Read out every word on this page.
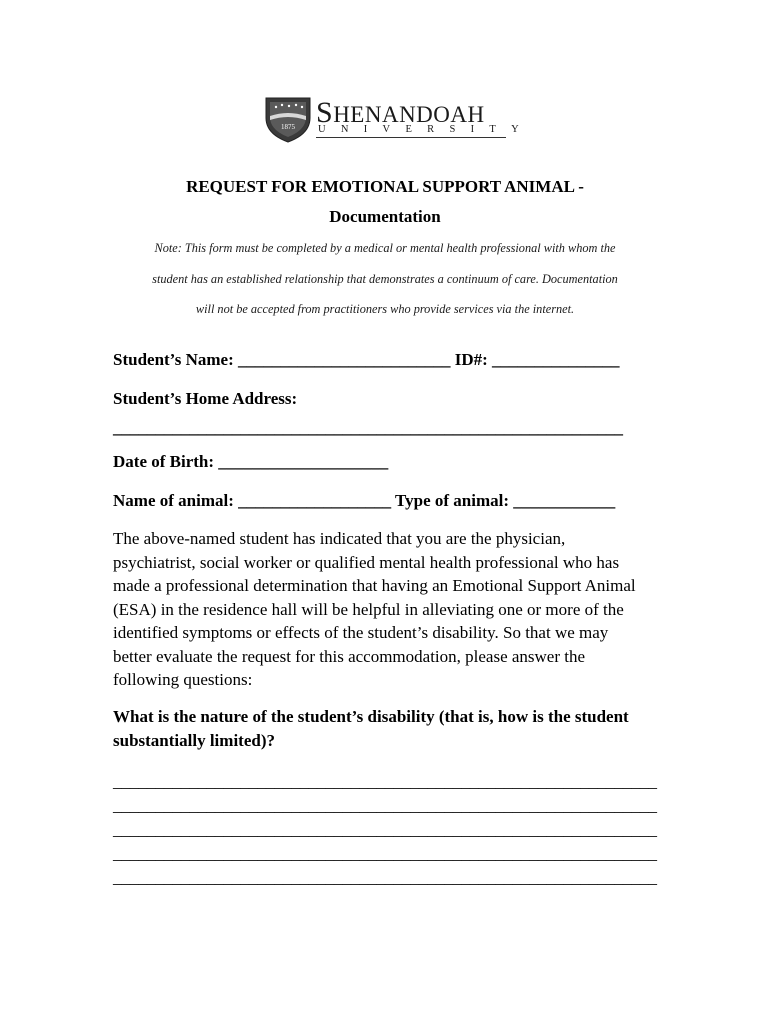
1875 SHENANDOAH
UNIVERSITY
REQUEST FOR EMOTIONAL SUPPORT ANIMAL -
Documentation
Note: This form must be completed by a medical or mental health professional with whom the
student has an established relationship that demonstrates a continuum of care. Documentation
will not be accepted from practitioners who provide services via the internet.
Student’s Name: _________________________ ID#: _______________
Student’s Home Address:
____________________________________________________________
Date of Birth: ____________________
Name of animal: __________________ Type of animal: ____________
The above-named student has indicated that you are the physician,
psychiatrist, social worker or qualified mental health professional who has
made a professional determination that having an Emotional Support Animal
(ESA) in the residence hall will be helpful in alleviating one or more of the
identified symptoms or effects of the student’s disability. So that we may
better evaluate the request for this accommodation, please answer the
following questions:
What is the nature of the student’s disability (that is, how is the student
substantially limited)?
________________________________________________________________
________________________________________________________________
________________________________________________________________
________________________________________________________________
________________________________________________________________
